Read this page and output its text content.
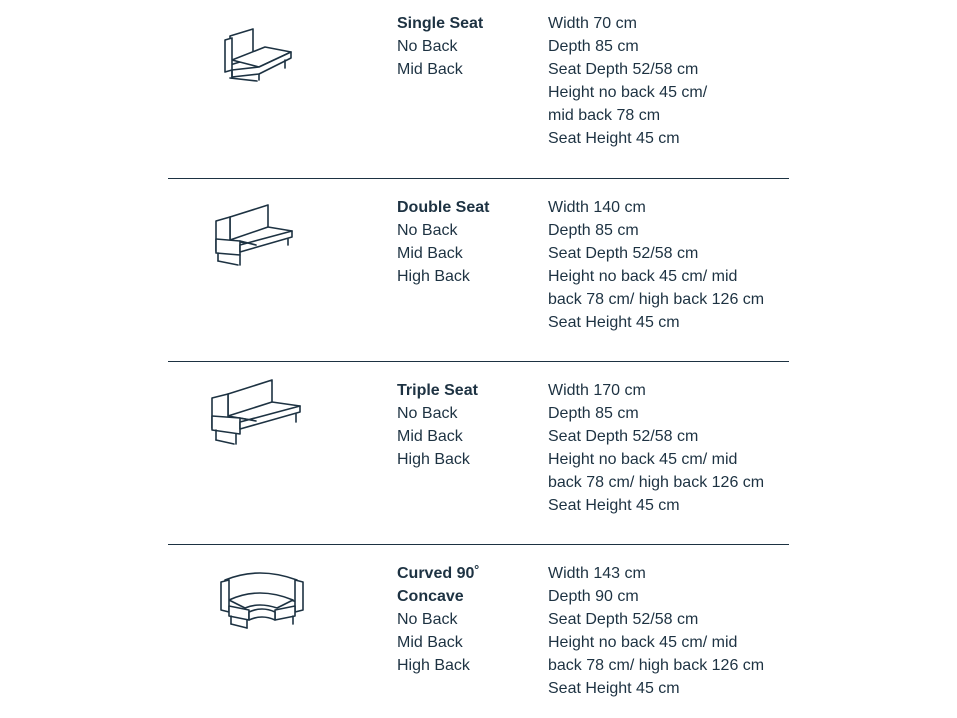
Single Seat
No Back
Mid Back
Width 70 cm
Depth 85 cm
Seat Depth 52/58 cm
Height no back 45 cm/
mid back 78 cm
Seat Height 45 cm
Double Seat
No Back
Mid Back
High Back
Width 140 cm
Depth 85 cm
Seat Depth 52/58 cm
Height no back 45 cm/ mid
back 78 cm/ high back 126 cm
Seat Height 45 cm
Triple Seat
No Back
Mid Back
High Back
Width 170 cm
Depth 85 cm
Seat Depth 52/58 cm
Height no back 45 cm/ mid
back 78 cm/ high back 126 cm
Seat Height 45 cm
Curved 90˚
Concave
No Back
Mid Back
High Back
Width 143 cm
Depth 90 cm
Seat Depth 52/58 cm
Height no back 45 cm/ mid
back 78 cm/ high back 126 cm
Seat Height 45 cm
